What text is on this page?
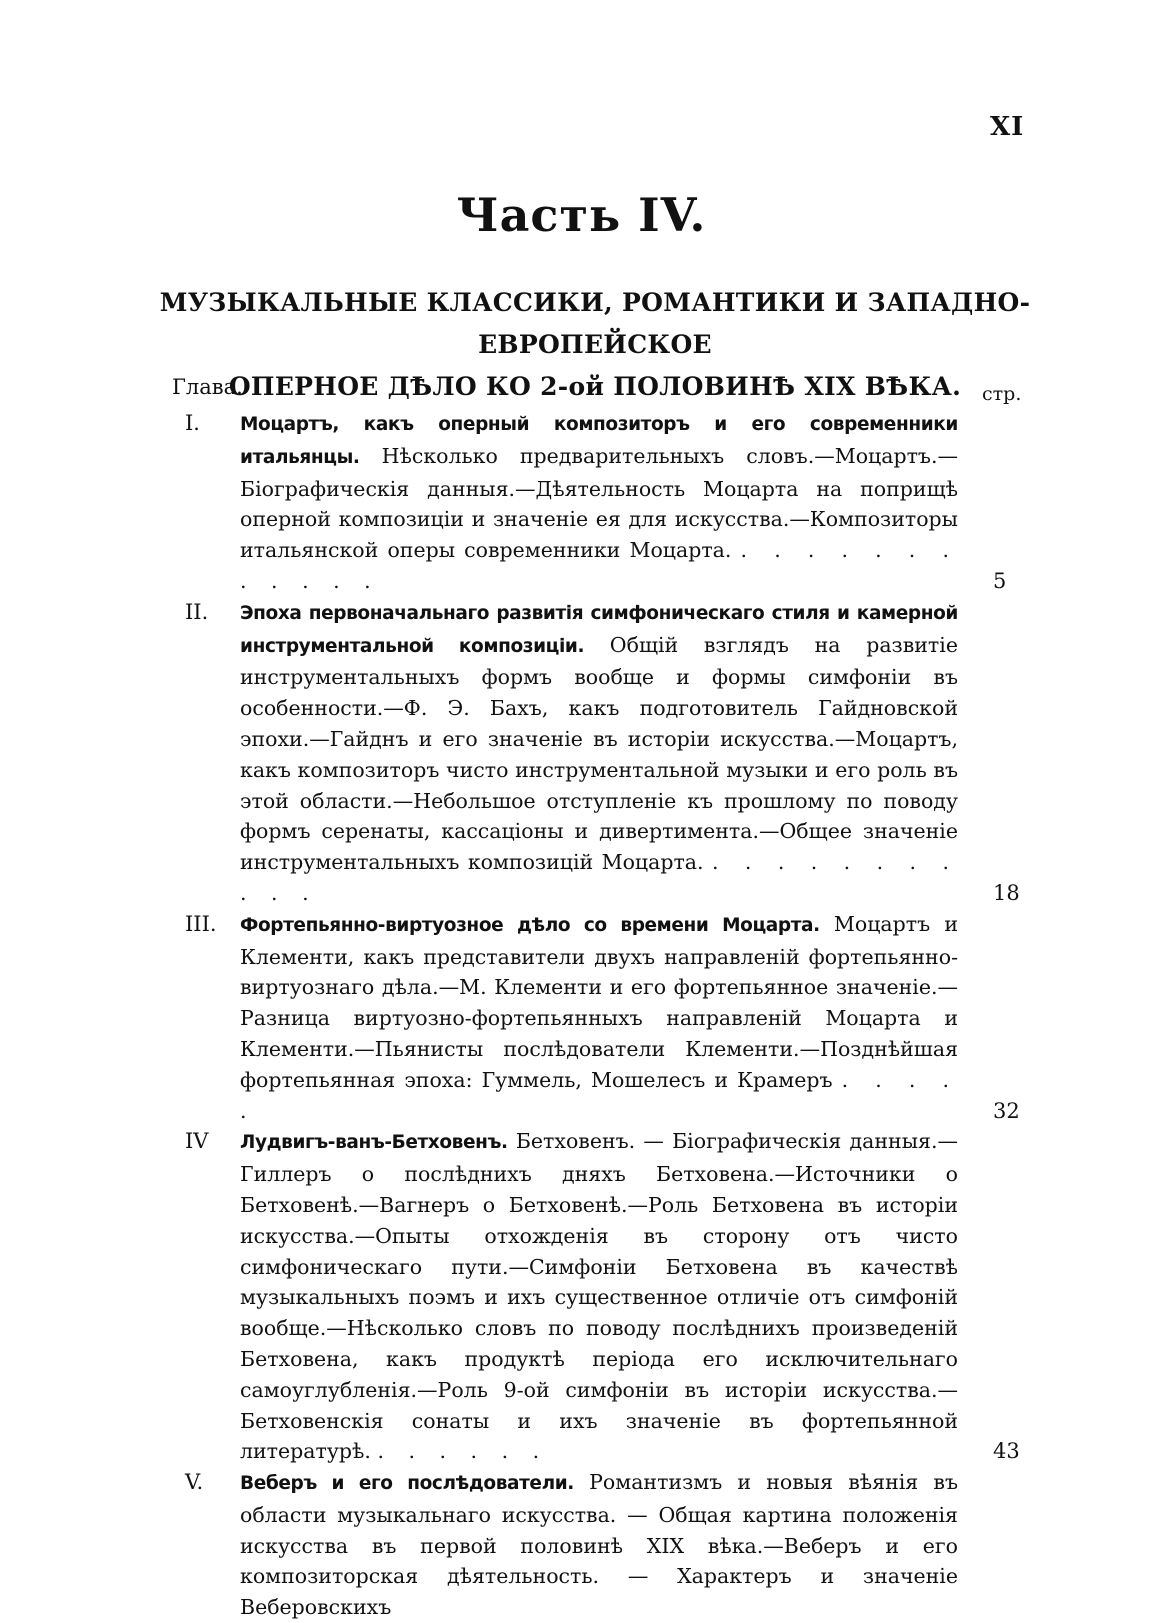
XI
Часть IV.
МУЗЫКАЛЬНЫЕ КЛАССИКИ, РОМАНТИКИ И ЗАПАДНО-ЕВРОПЕЙСКОЕ
ОПЕРНОЕ ДѢЛО КО 2-ой ПОЛОВИНѢ XIX ВѢКА.
Глава.	стр.
I. Моцартъ, какъ оперный композиторъ и его современники итальянцы. Нѣсколько предварительныхъ словъ.—Моцартъ.—Біографическія данныя.—Дѣятельность Моцарта на поприщѣ оперной композиціи и значеніе ея для искусства.—Композиторы итальянской оперы современники Моцарта. . . . . . . . . . . . .	5
II. Эпоха первоначальнаго развитія симфоническаго стиля и камерной инструментальной композиціи. Общій взглядъ на развитіе инструментальныхъ формъ вообще и формы симфоніи въ особенности.—Ф. Э. Бахъ, какъ подготовитель Гайдновской эпохи.—Гайднъ и его значеніе въ исторіи искусства.—Моцартъ, какъ композиторъ чисто инструментальной музыки и его роль въ этой области.—Небольшое отступленіе къ прошлому по поводу формъ серенаты, кассаціоны и дивертимента.—Общее значеніе инструментальныхъ композицій Моцарта. . . . . . . . . . . .	18
III. Фортепьянно-виртуозное дѣло со времени Моцарта. Моцартъ и Клементи, какъ представители двухъ направленій фортепьянно-виртуознаго дѣла.—М. Клементи и его фортепьянное значеніе.—Разница виртуозно-фортепьянныхъ направленій Моцарта и Клементи.—Пьянисты послѣдователи Клементи.—Позднѣйшая фортепьянная эпоха: Гуммель, Мошелесъ и Крамеръ . . . . .	32
IV Лудвигъ-ванъ-Бетховенъ. Бетховенъ. — Біографическія данныя.—Гиллеръ о послѣднихъ дняхъ Бетховена.—Источники о Бетховенѣ.—Вагнеръ о Бетховенѣ.—Роль Бетховена въ исторіи искусства.—Опыты отхожденія въ сторону отъ чисто симфоническаго пути.—Симфоніи Бетховена въ качествѣ музыкальныхъ поэмъ и ихъ существенное отличіе отъ симфоній вообще.—Нѣсколько словъ по поводу послѣднихъ произведеній Бетховена, какъ продуктѣ періода его исключительнаго самоуглубленія.—Роль 9-ой симфоніи въ исторіи искусства.—Бетховенскія сонаты и ихъ значеніе въ фортепьянной литературѣ. . . . . . .	43
V. Веберъ и его послѣдователи. Романтизмъ и новыя вѣянія въ области музыкальнаго искусства. — Общая картина положенія искусства въ первой половинѣ XIX вѣка.—Веберъ и его композиторская дѣятельность. — Характеръ и значеніе Веберовскихъ
